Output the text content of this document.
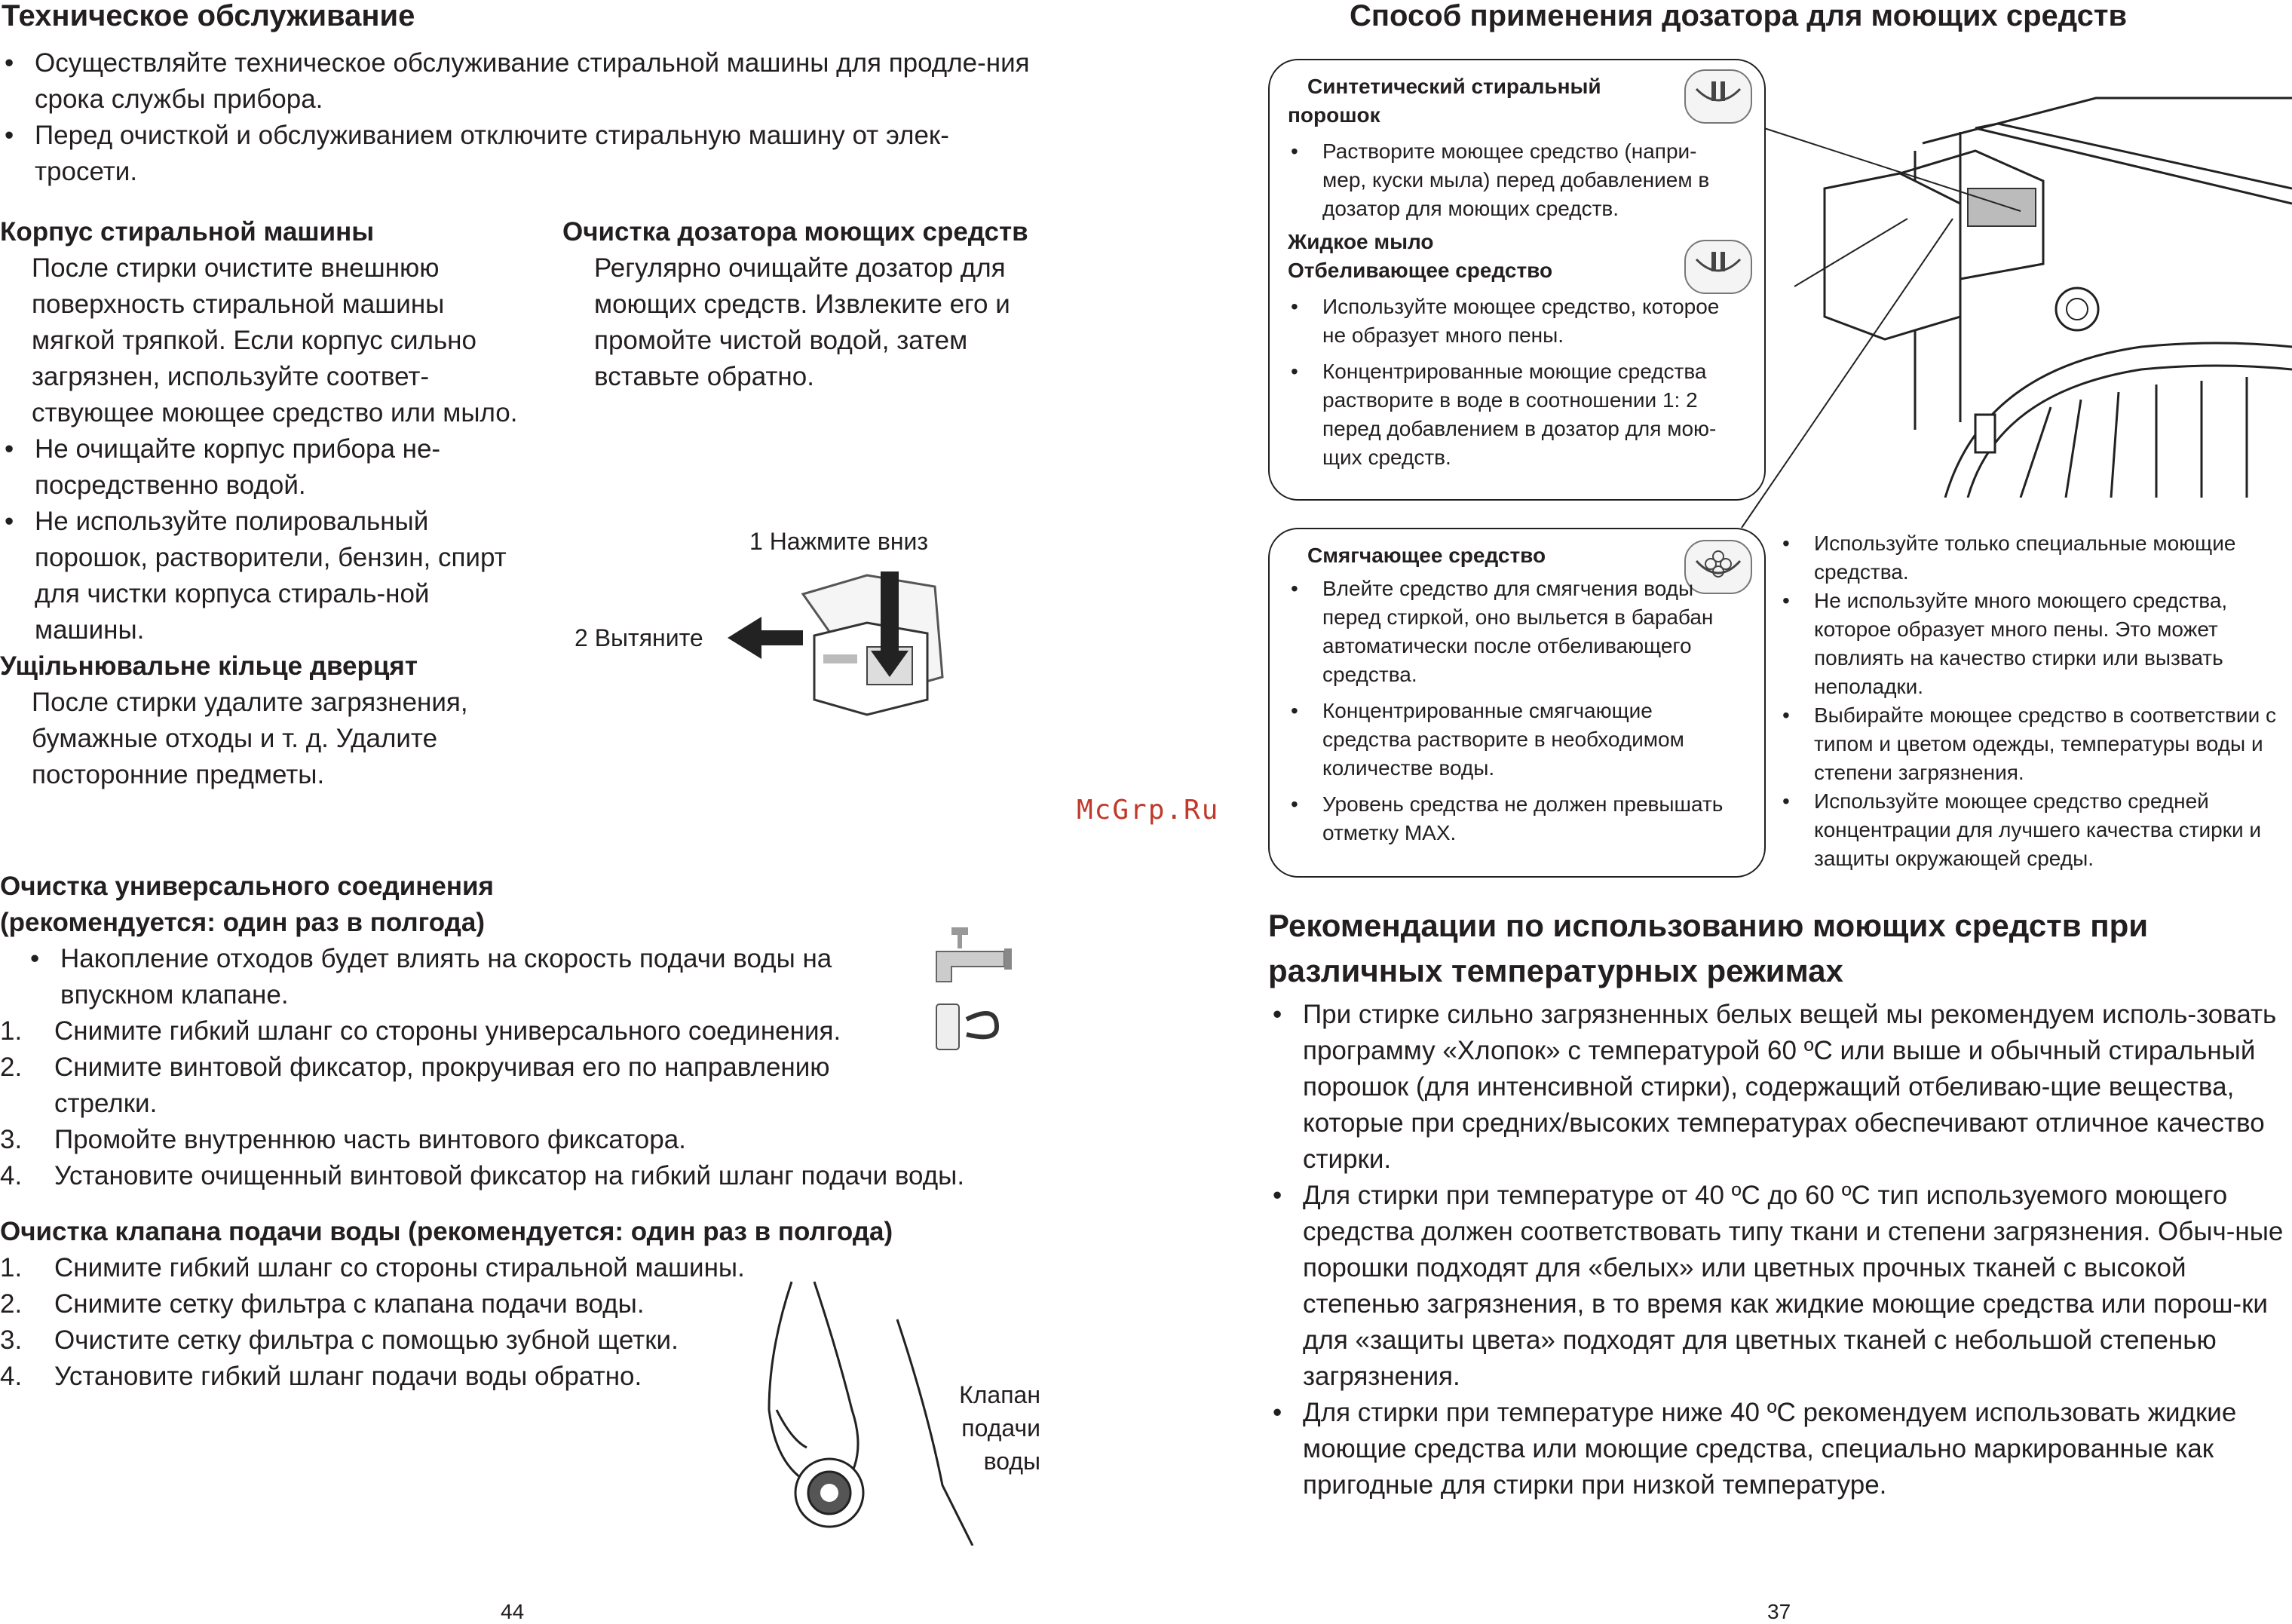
Техническое обслуживание
• Осуществляйте техническое обслуживание стиральной машины для продле-ния срока службы прибора.
• Перед очисткой и обслуживанием отключите стиральную машину от элек-тросети.
Корпус стиральной машины
После стирки очистите внешнюю поверхность стиральной машины мягкой тряпкой. Если корпус сильно загрязнен, используйте соответ-ствующее моющее средство или мыло.
• Не очищайте корпус прибора не-посредственно водой.
• Не используйте полировальный порошок, растворители, бензин, спирт для чистки корпуса стираль-ной машины.
Ущільнювальне кільце дверцят
После стирки удалите загрязнения, бумажные отходы и т. д. Удалите посторонние предметы.
Очистка дозатора моющих средств
Регулярно очищайте дозатор для моющих средств. Извлеките его и промойте чистой водой, затем вставьте обратно.
1 Нажмите вниз
2 Вытяните
Очистка универсального соединения
(рекомендуется: один раз в полгода)
• Накопление отходов будет влиять на скорость подачи воды на впускном клапане.
1. Снимите гибкий шланг со стороны универсального соединения.
2. Снимите винтовой фиксатор, прокручивая его по направлению стрелки.
3. Промойте внутреннюю часть винтового фиксатора.
4. Установите очищенный винтовой фиксатор на гибкий шланг подачи воды.
Очистка клапана подачи воды (рекомендуется: один раз в полгода)
1. Снимите гибкий шланг со стороны стиральной машины.
2. Снимите сетку фильтра с клапана подачи воды.
3. Очистите сетку фильтра с помощью зубной щетки.
4. Установите гибкий шланг подачи воды обратно.
Клапан подачи
воды
44
McGrp.Ru
Способ применения дозатора для моющих средств
Синтетический стиральный
порошок
• Растворите моющее средство (напри-мер, куски мыла) перед добавлением в дозатор для моющих средств.
Жидкое мыло
Отбеливающее средство
• Используйте моющее средство, которое не образует много пены.
• Концентрированные моющие средства растворите в воде в соотношении 1: 2 перед добавлением в дозатор для мою-щих средств.
Смягчающее средство
• Влейте средство для смягчения воды перед стиркой, оно выльется в барабан автоматически после отбеливающего средства.
• Концентрированные смягчающие средства растворите в необходимом количестве воды.
• Уровень средства не должен превышать отметку MAX.
• Используйте только специальные моющие средства.
• Не используйте много моющего средства, которое образует много пены. Это может повлиять на качество стирки или вызвать неполадки.
• Выбирайте моющее средство в соответствии с типом и цветом одежды, температуры воды и степени загрязнения.
• Используйте моющее средство средней концентрации для лучшего качества стирки и защиты окружающей среды.
Рекомендации по использованию моющих средств при
различных температурных режимах
• При стирке сильно загрязненных белых вещей мы рекомендуем исполь-зовать программу «Хлопок» с температурой 60 ºС или выше и обычный стиральный порошок (для интенсивной стирки), содержащий отбеливаю-щие вещества, которые при средних/высоких температурах обеспечивают отличное качество стирки.
• Для стирки при температуре от 40 ºС до 60 ºС тип используемого моющего средства должен соответствовать типу ткани и степени загрязнения. Обыч-ные порошки подходят для «белых» или цветных прочных тканей с высокой степенью загрязнения, в то время как жидкие моющие средства или порош-ки для «защиты цвета» подходят для цветных тканей с небольшой степенью загрязнения.
• Для стирки при температуре ниже 40 ºС рекомендуем использовать жидкие моющие средства или моющие средства, специально маркированные как пригодные для стирки при низкой температуре.
37
